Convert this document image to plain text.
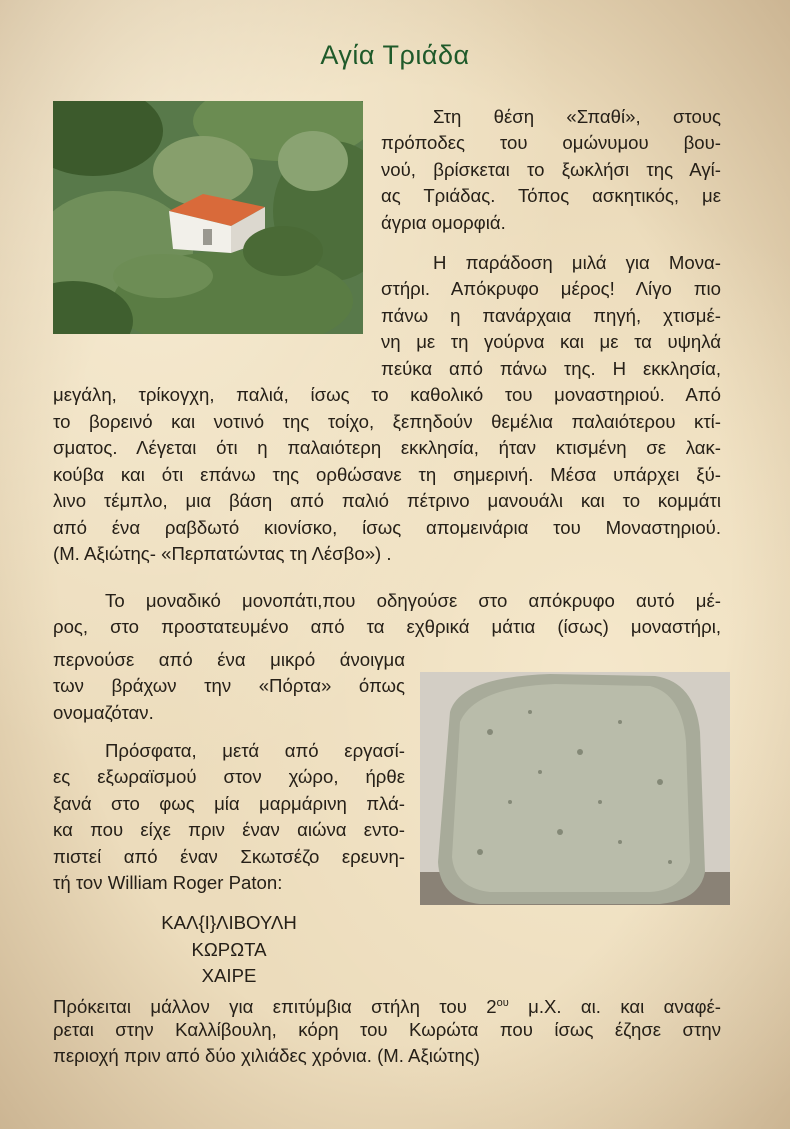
Αγία Τριάδα

Στη θέση «Σπαθί», στους

πρόποδες του ομώνυμου βου-

νού, βρίσκεται το ξωκλήσι της Αγί-

ας Τριάδας. Τόπος ασκητικός, με

άγρια ομορφιά.

Η παράδοση μιλά για Μονα-

στήρι. Απόκρυφο μέρος! Λίγο πιο

πάνω η πανάρχαια πηγή, χτισμέ-

νη με τη γούρνα και με τα υψηλά

πεύκα από πάνω της. Η εκκλησία,

μεγάλη, τρίκογχη, παλιά, ίσως το καθολικό του μοναστηριού. Από

το βορεινό και νοτινό της τοίχο, ξεπηδούν θεμέλια παλαιότερου κτί-

σματος. Λέγεται ότι η παλαιότερη εκκλησία, ήταν κτισμένη σε λακ-

κούβα και ότι επάνω της ορθώσανε τη σημερινή. Μέσα υπάρχει ξύ-

λινο τέμπλο, μια βάση από παλιό πέτρινο μανουάλι και το κομμάτι

από ένα ραβδωτό κιονίσκο, ίσως απομεινάρια του Μοναστηριού.

(Μ. Αξιώτης- «Περπατώντας τη Λέσβο») .

Το μοναδικό μονοπάτι,που οδηγούσε στο απόκρυφο αυτό μέ-

ρος, στο προστατευμένο από τα εχθρικά μάτια (ίσως) μοναστήρι,

περνούσε από ένα μικρό άνοιγμα

των βράχων την «Πόρτα» όπως

ονομαζόταν.

Πρόσφατα, μετά από εργασί-

ες εξωραϊσμού στον χώρο, ήρθε

ξανά στο φως μία μαρμάρινη πλά-

κα που είχε πριν έναν αιώνα εντο-

πιστεί από έναν Σκωτσέζο ερευνη-

τή τον William Roger Paton:

ΚΑΛ{Ι}ΛΙΒΟΥΛΗ

ΚΩΡΩΤΑ

ΧΑΙΡΕ

Πρόκειται μάλλον για επιτύμβια στήλη του $2^{o\upsilon}$ μ.Χ. αι. και αναφέ-

ρεται στην Καλλίβουλη, κόρη του Κωρώτα που ίσως έζησε στην

περιοχή πριν από δύο χιλιάδες χρόνια. (Μ. Αξιώτης)
